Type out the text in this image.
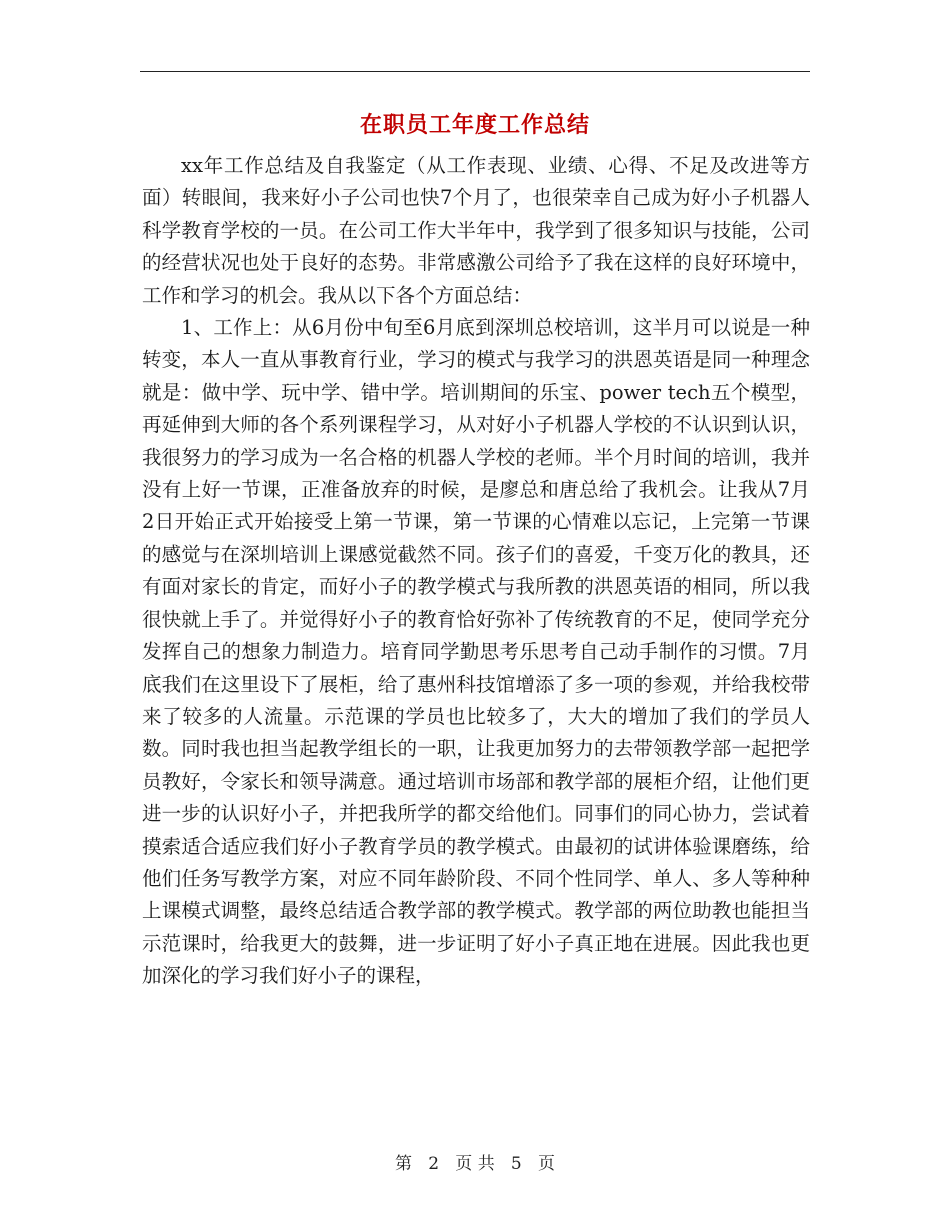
在职员工年度工作总结

xx年工作总结及自我鉴定（从工作表现、业绩、心得、不足及改进等方面）转眼间，我来好小子公司也快7个月了，也很荣幸自己成为好小子机器人科学教育学校的一员。在公司工作大半年中，我学到了很多知识与技能，公司的经营状况也处于良好的态势。非常感激公司给予了我在这样的良好环境中，工作和学习的机会。我从以下各个方面总结：

1、工作上：从6月份中旬至6月底到深圳总校培训，这半月可以说是一种转变，本人一直从事教育行业，学习的模式与我学习的洪恩英语是同一种理念就是：做中学、玩中学、错中学。培训期间的乐宝、power tech五个模型，再延伸到大师的各个系列课程学习，从对好小子机器人学校的不认识到认识，我很努力的学习成为一名合格的机器人学校的老师。半个月时间的培训，我并没有上好一节课，正准备放弃的时候，是廖总和唐总给了我机会。让我从7月2日开始正式开始接受上第一节课，第一节课的心情难以忘记，上完第一节课的感觉与在深圳培训上课感觉截然不同。孩子们的喜爱，千变万化的教具，还有面对家长的肯定，而好小子的教学模式与我所教的洪恩英语的相同，所以我很快就上手了。并觉得好小子的教育恰好弥补了传统教育的不足，使同学充分发挥自己的想象力制造力。培育同学勤思考乐思考自己动手制作的习惯。7月底我们在这里设下了展柜，给了惠州科技馆增添了多一项的参观，并给我校带来了较多的人流量。示范课的学员也比较多了，大大的增加了我们的学员人数。同时我也担当起教学组长的一职，让我更加努力的去带领教学部一起把学员教好，令家长和领导满意。通过培训市场部和教学部的展柜介绍，让他们更进一步的认识好小子，并把我所学的都交给他们。同事们的同心协力，尝试着摸索适合适应我们好小子教育学员的教学模式。由最初的试讲体验课磨练，给他们任务写教学方案，对应不同年龄阶段、不同个性同学、单人、多人等种种上课模式调整，最终总结适合教学部的教学模式。教学部的两位助教也能担当示范课时，给我更大的鼓舞，进一步证明了好小子真正地在进展。因此我也更加深化的学习我们好小子的课程，

第 2 页 共 5 页
